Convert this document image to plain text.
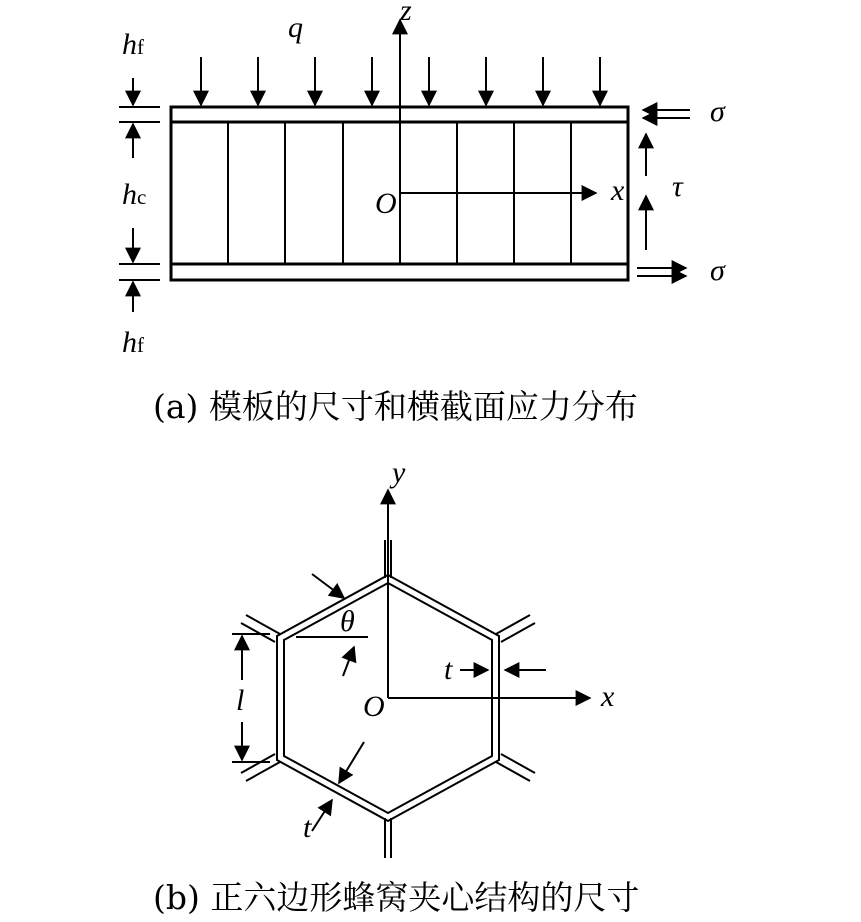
q
z
O	x τ
σ
σ
hf
hc
hf
(a) 模板的尺寸和横截面应力分布
y
x
O
θ
l
t
t
(b) 正六边形蜂窝夹心结构的尺寸
